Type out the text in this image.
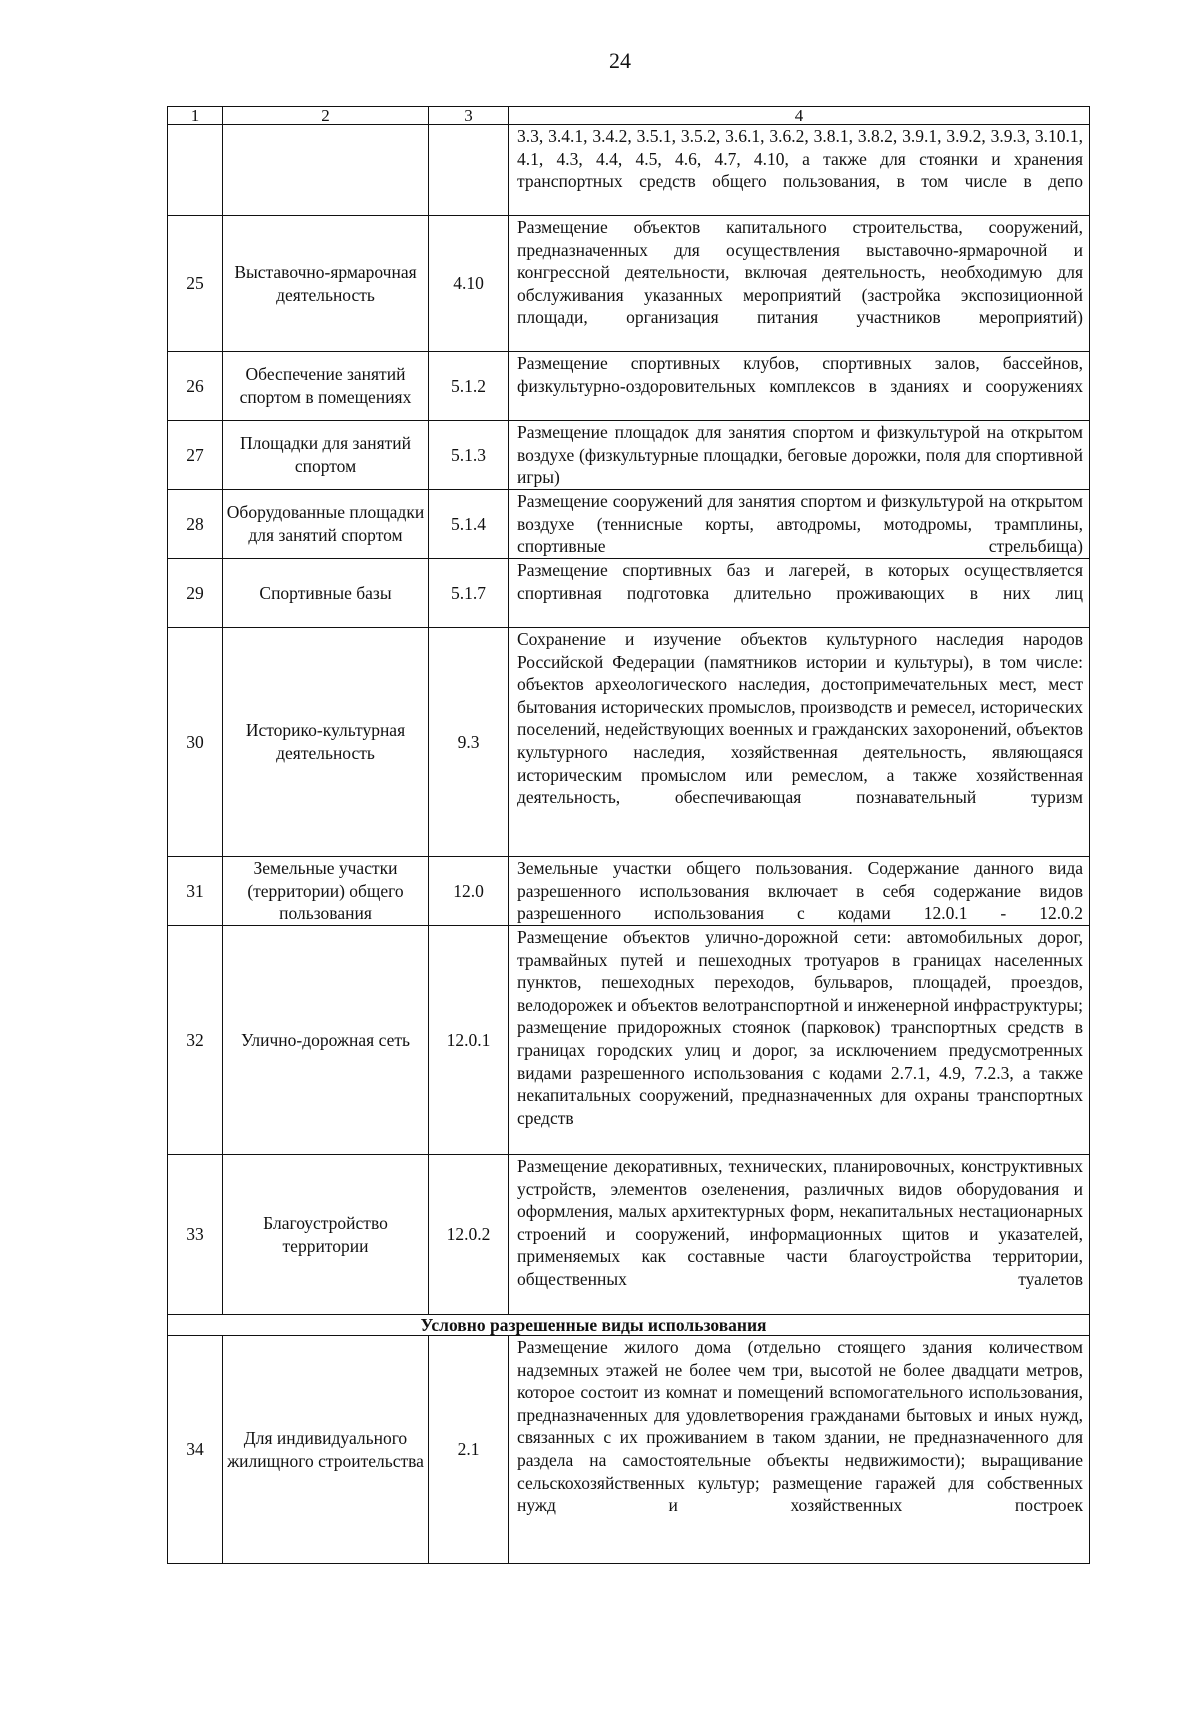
24
1	2	3	4
			3.3, 3.4.1, 3.4.2, 3.5.1, 3.5.2, 3.6.1, 3.6.2, 3.8.1, 3.8.2, 3.9.1, 3.9.2, 3.9.3, 3.10.1, 4.1, 4.3, 4.4, 4.5, 4.6, 4.7, 4.10, а также для стоянки и хранения транспортных средств общего пользования, в том числе в депо
25	Выставочно-ярмарочная деятельность	4.10	Размещение объектов капитального строительства, сооружений, предназначенных для осуществления выставочно-ярмарочной и конгрессной деятельности, включая деятельность, необходимую для обслуживания указанных мероприятий (застройка экспозиционной площади, организация питания участников мероприятий)
26	Обеспечение занятий спортом в помещениях	5.1.2	Размещение спортивных клубов, спортивных залов, бассейнов, физкультурно-оздоровительных комплексов в зданиях и сооружениях
27	Площадки для занятий спортом	5.1.3	Размещение площадок для занятия спортом и физкультурой на открытом воздухе (физкультурные площадки, беговые дорожки, поля для спортивной игры)
28	Оборудованные площадки для занятий спортом	5.1.4	Размещение сооружений для занятия спортом и физкультурой на открытом воздухе (теннисные корты, автодромы, мотодромы, трамплины, спортивные стрельбища)
29	Спортивные базы	5.1.7	Размещение спортивных баз и лагерей, в которых осуществляется спортивная подготовка длительно проживающих в них лиц
30	Историко-культурная деятельность	9.3	Сохранение и изучение объектов культурного наследия народов Российской Федерации (памятников истории и культуры), в том числе: объектов археологического наследия, достопримечательных мест, мест бытования исторических промыслов, производств и ремесел, исторических поселений, недействующих военных и гражданских захоронений, объектов культурного наследия, хозяйственная деятельность, являющаяся историческим промыслом или ремеслом, а также хозяйственная деятельность, обеспечивающая познавательный туризм
31	Земельные участки (территории) общего пользования	12.0	Земельные участки общего пользования. Содержание данного вида разрешенного использования включает в себя содержание видов разрешенного использования с кодами 12.0.1 - 12.0.2
32	Улично-дорожная сеть	12.0.1	Размещение объектов улично-дорожной сети: автомобильных дорог, трамвайных путей и пешеходных тротуаров в границах населенных пунктов, пешеходных переходов, бульваров, площадей, проездов, велодорожек и объектов велотранспортной и инженерной инфраструктуры; размещение придорожных стоянок (парковок) транспортных средств в границах городских улиц и дорог, за исключением предусмотренных видами разрешенного использования с кодами 2.7.1, 4.9, 7.2.3, а также некапитальных сооружений, предназначенных для охраны транспортных средств
33	Благоустройство территории	12.0.2	Размещение декоративных, технических, планировочных, конструктивных устройств, элементов озеленения, различных видов оборудования и оформления, малых архитектурных форм, некапитальных нестационарных строений и сооружений, информационных щитов и указателей, применяемых как составные части благоустройства территории, общественных туалетов
Условно разрешенные виды использования			
34	Для индивидуального жилищного строительства	2.1	Размещение жилого дома (отдельно стоящего здания количеством надземных этажей не более чем три, высотой не более двадцати метров, которое состоит из комнат и помещений вспомогательного использования, предназначенных для удовлетворения гражданами бытовых и иных нужд, связанных с их проживанием в таком здании, не предназначенного для раздела на самостоятельные объекты недвижимости); выращивание сельскохозяйственных культур; размещение гаражей для собственных нужд и хозяйственных построек
